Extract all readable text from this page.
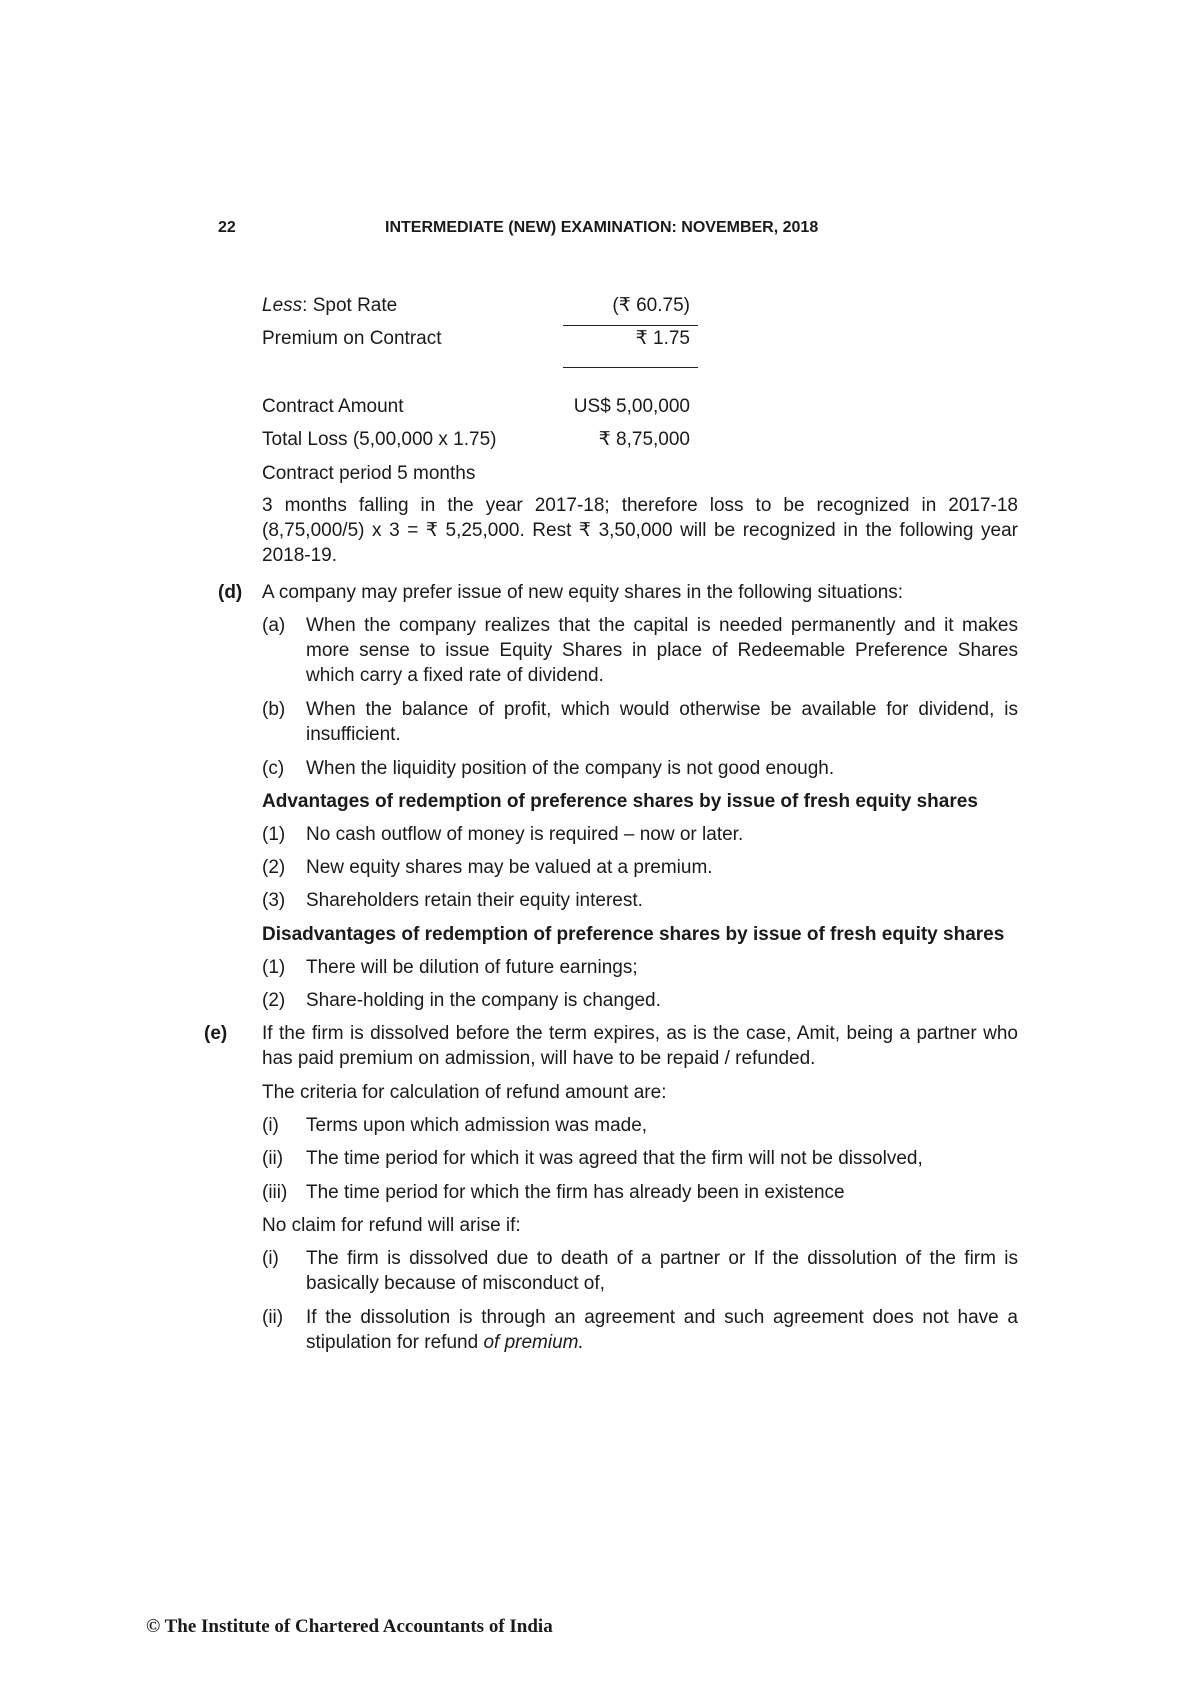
22	INTERMEDIATE (NEW) EXAMINATION: NOVEMBER, 2018
Less: Spot Rate	(₹ 60.75)
Premium on Contract	₹ 1.75
Contract Amount	US$ 5,00,000
Total Loss (5,00,000 x 1.75)	₹ 8,75,000
Contract period 5 months
3 months falling in the year 2017-18; therefore loss to be recognized in 2017-18 (8,75,000/5) x 3 = ₹ 5,25,000. Rest ₹ 3,50,000 will be recognized in the following year 2018-19.
(d) A company may prefer issue of new equity shares in the following situations:
(a) When the company realizes that the capital is needed permanently and it makes more sense to issue Equity Shares in place of Redeemable Preference Shares which carry a fixed rate of dividend.
(b) When the balance of profit, which would otherwise be available for dividend, is insufficient.
(c) When the liquidity position of the company is not good enough.
Advantages of redemption of preference shares by issue of fresh equity shares
(1) No cash outflow of money is required – now or later.
(2) New equity shares may be valued at a premium.
(3) Shareholders retain their equity interest.
Disadvantages of redemption of preference shares by issue of fresh equity shares
(1) There will be dilution of future earnings;
(2) Share-holding in the company is changed.
(e) If the firm is dissolved before the term expires, as is the case, Amit, being a partner who has paid premium on admission, will have to be repaid / refunded.
The criteria for calculation of refund amount are:
(i) Terms upon which admission was made,
(ii) The time period for which it was agreed that the firm will not be dissolved,
(iii) The time period for which the firm has already been in existence
No claim for refund will arise if:
(i) The firm is dissolved due to death of a partner or If the dissolution of the firm is basically because of misconduct of,
(ii) If the dissolution is through an agreement and such agreement does not have a stipulation for refund of premium.
© The Institute of Chartered Accountants of India
